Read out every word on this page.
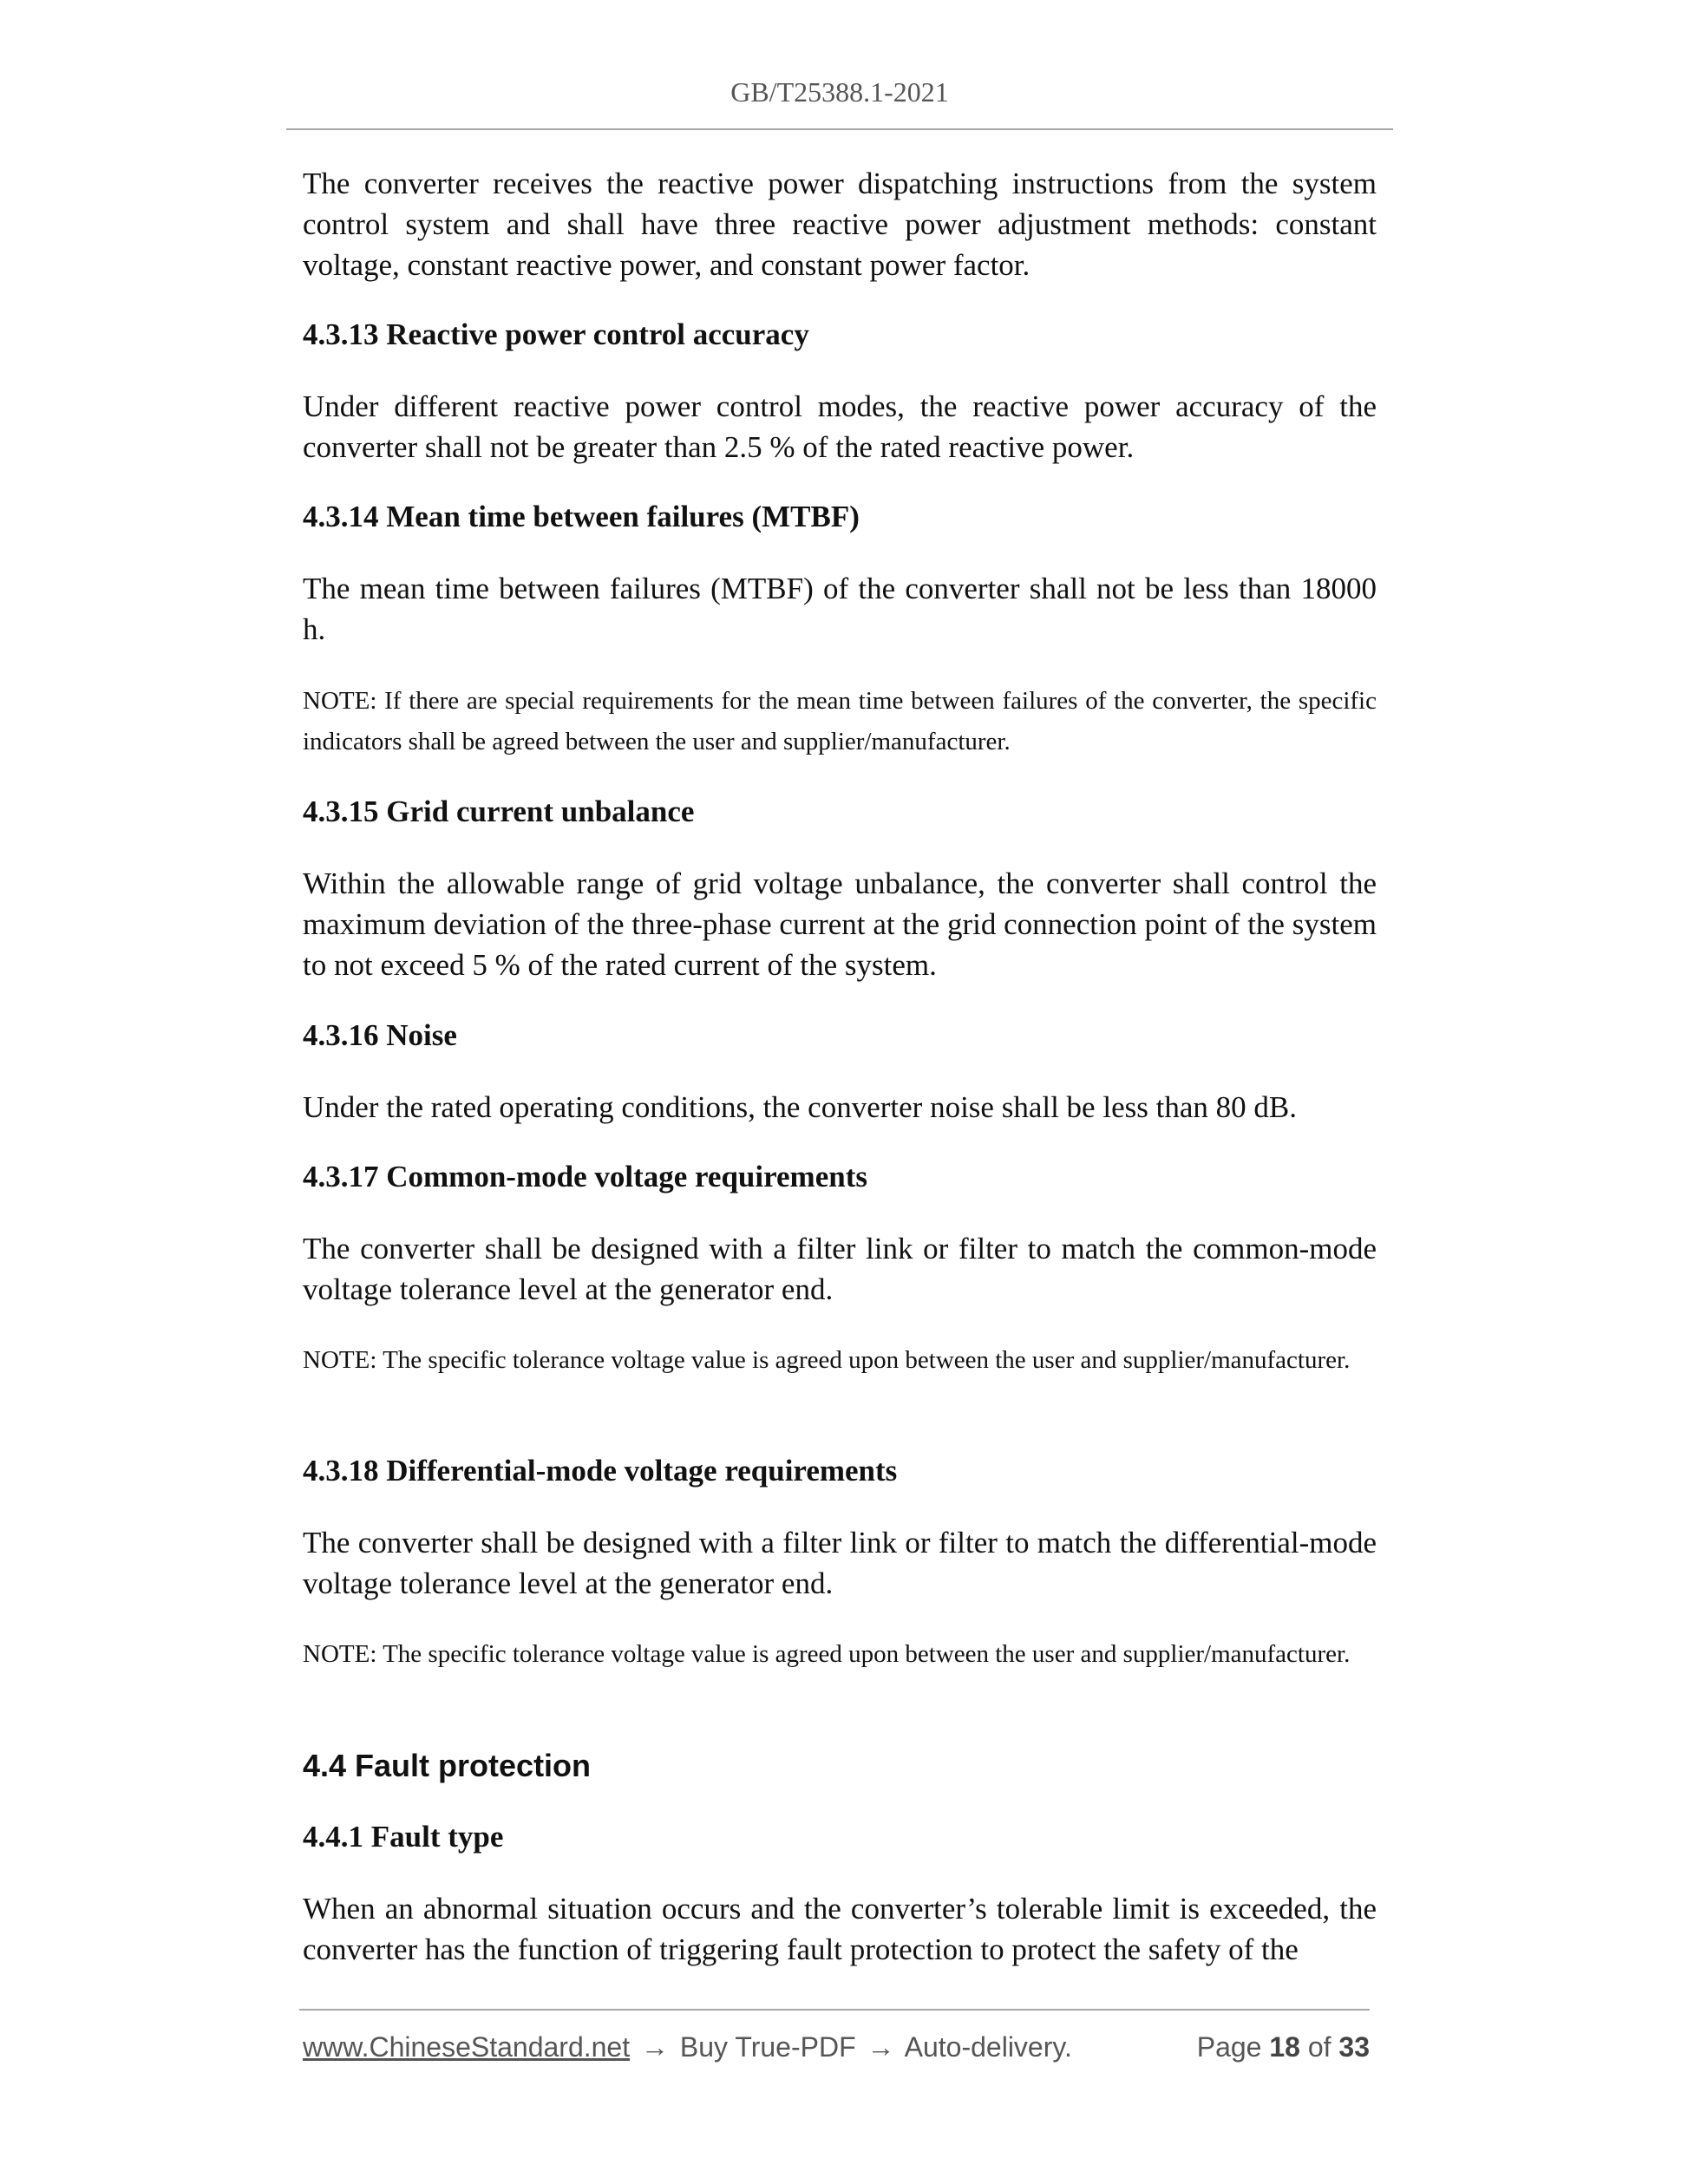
GB/T25388.1-2021

The converter receives the reactive power dispatching instructions from the system control system and shall have three reactive power adjustment methods: constant voltage, constant reactive power, and constant power factor.

4.3.13 Reactive power control accuracy

Under different reactive power control modes, the reactive power accuracy of the converter shall not be greater than 2.5 % of the rated reactive power.

4.3.14 Mean time between failures (MTBF)

The mean time between failures (MTBF) of the converter shall not be less than 18000 h.

NOTE: If there are special requirements for the mean time between failures of the converter, the specific indicators shall be agreed between the user and supplier/manufacturer.

4.3.15 Grid current unbalance

Within the allowable range of grid voltage unbalance, the converter shall control the maximum deviation of the three-phase current at the grid connection point of the system to not exceed 5 % of the rated current of the system.

4.3.16 Noise

Under the rated operating conditions, the converter noise shall be less than 80 dB.

4.3.17 Common-mode voltage requirements

The converter shall be designed with a filter link or filter to match the common-mode voltage tolerance level at the generator end.

NOTE: The specific tolerance voltage value is agreed upon between the user and supplier/manufacturer.

4.3.18 Differential-mode voltage requirements

The converter shall be designed with a filter link or filter to match the differential-mode voltage tolerance level at the generator end.

NOTE: The specific tolerance voltage value is agreed upon between the user and supplier/manufacturer.

4.4 Fault protection
4.4.1 Fault type

When an abnormal situation occurs and the converter’s tolerable limit is exceeded, the converter has the function of triggering fault protection to protect the safety of the

www.ChineseStandard.net → Buy True-PDF → Auto-delivery.	Page 18 of 33
